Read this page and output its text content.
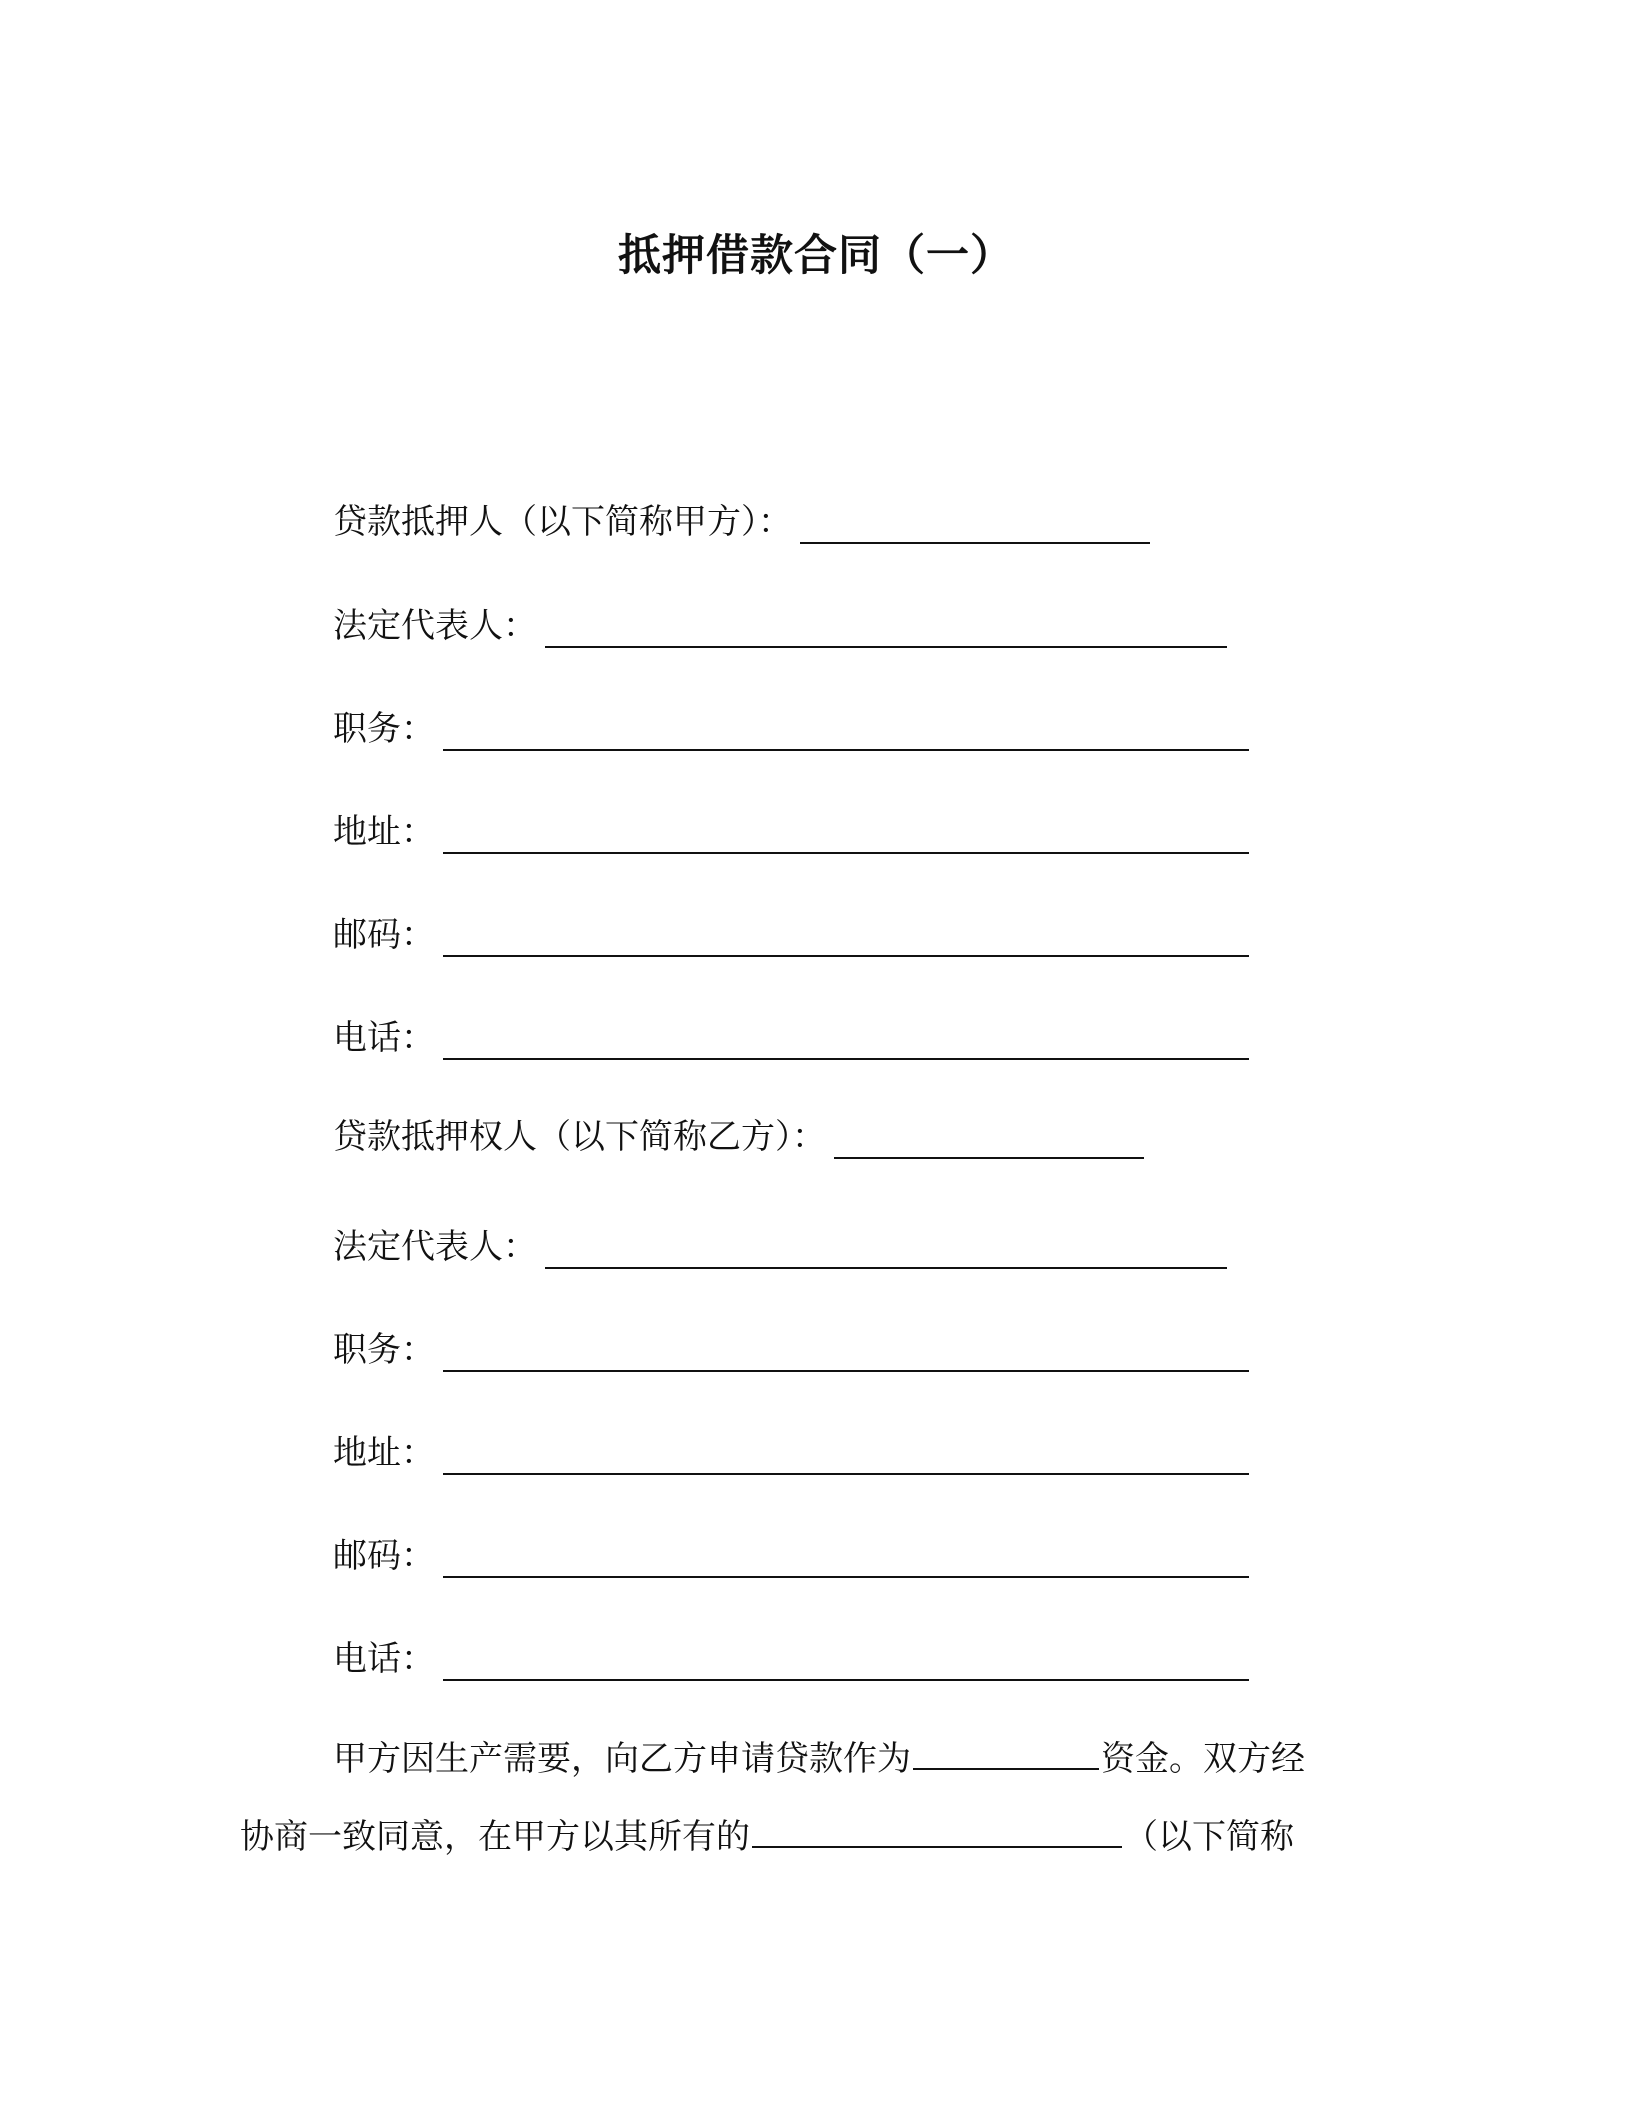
抵押借款合同（一）
贷款抵押人（以下简称甲方）：
法定代表人：
职务：
地址：
邮码：
电话：
贷款抵押权人（以下简称乙方）：
法定代表人：
职务：
地址：
邮码：
电话：
甲方因生产需要，向乙方申请贷款作为	资金。双方经
协商一致同意，在甲方以其所有的	（以下简称
